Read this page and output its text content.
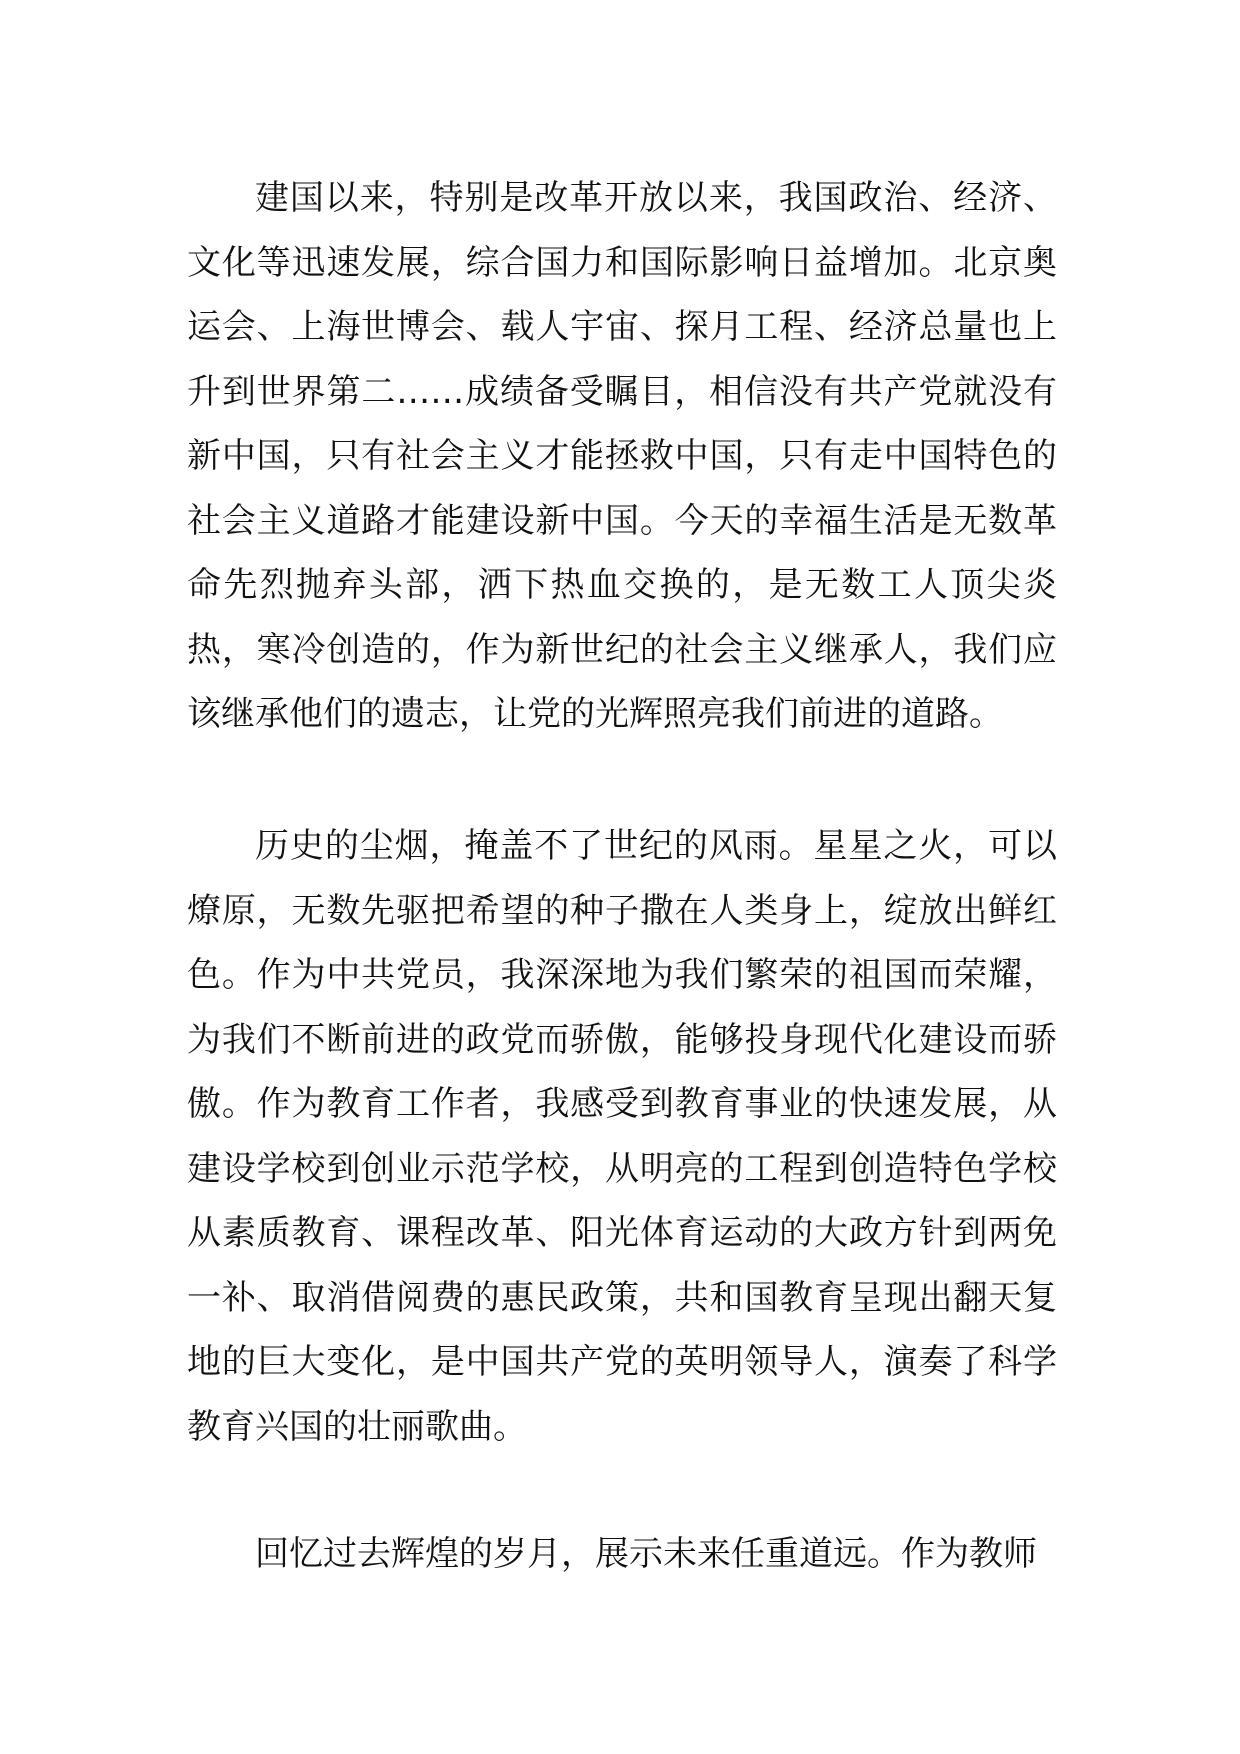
建国以来，特别是改革开放以来，我国政治、经济、文化等迅速发展，综合国力和国际影响日益增加。北京奥运会、上海世博会、载人宇宙、探月工程、经济总量也上升到世界第二……成绩备受瞩目，相信没有共产党就没有新中国，只有社会主义才能拯救中国，只有走中国特色的社会主义道路才能建设新中国。今天的幸福生活是无数革命先烈抛弃头部，洒下热血交换的，是无数工人顶尖炎热，寒冷创造的，作为新世纪的社会主义继承人，我们应该继承他们的遗志，让党的光辉照亮我们前进的道路。

历史的尘烟，掩盖不了世纪的风雨。星星之火，可以燎原，无数先驱把希望的种子撒在人类身上，绽放出鲜红色。作为中共党员，我深深地为我们繁荣的祖国而荣耀，为我们不断前进的政党而骄傲，能够投身现代化建设而骄傲。作为教育工作者，我感受到教育事业的快速发展，从建设学校到创业示范学校，从明亮的工程到创造特色学校从素质教育、课程改革、阳光体育运动的大政方针到两免一补、取消借阅费的惠民政策，共和国教育呈现出翻天复地的巨大变化，是中国共产党的英明领导人，演奏了科学教育兴国的壮丽歌曲。

回忆过去辉煌的岁月，展示未来任重道远。作为教师
